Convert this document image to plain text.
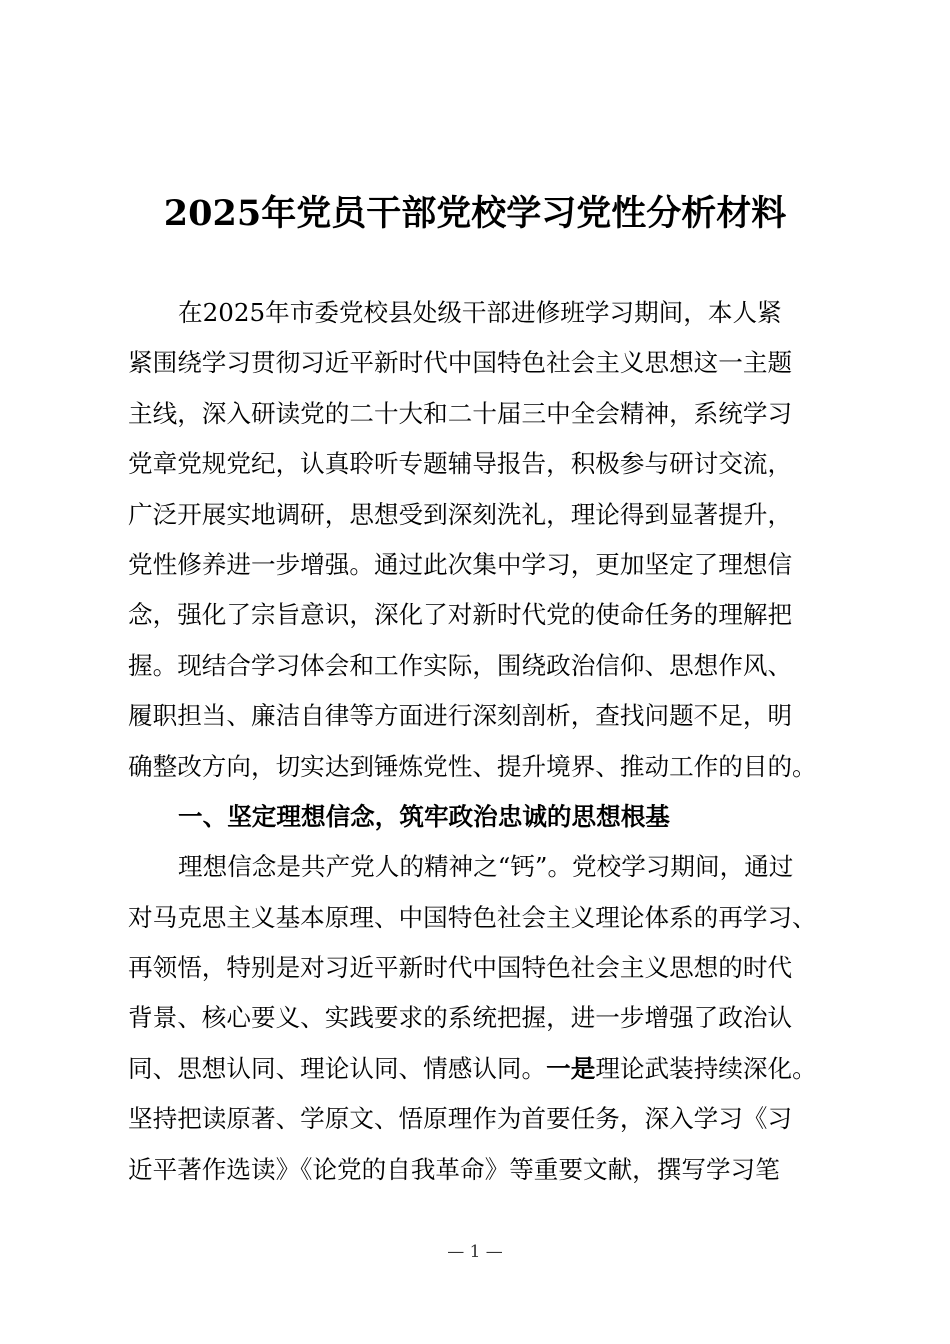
2025年党员干部党校学习党性分析材料
在2025年市委党校县处级干部进修班学习期间，本人紧
紧围绕学习贯彻习近平新时代中国特色社会主义思想这一主题
主线，深入研读党的二十大和二十届三中全会精神，系统学习
党章党规党纪，认真聆听专题辅导报告，积极参与研讨交流，
广泛开展实地调研，思想受到深刻洗礼，理论得到显著提升，
党性修养进一步增强。通过此次集中学习，更加坚定了理想信
念，强化了宗旨意识，深化了对新时代党的使命任务的理解把
握。现结合学习体会和工作实际，围绕政治信仰、思想作风、
履职担当、廉洁自律等方面进行深刻剖析，查找问题不足，明
确整改方向，切实达到锤炼党性、提升境界、推动工作的目的。
一、坚定理想信念，筑牢政治忠诚的思想根基
理想信念是共产党人的精神之“钙”。党校学习期间，通过
对马克思主义基本原理、中国特色社会主义理论体系的再学习、
再领悟，特别是对习近平新时代中国特色社会主义思想的时代
背景、核心要义、实践要求的系统把握，进一步增强了政治认
同、思想认同、理论认同、情感认同。一是理论武装持续深化。
坚持把读原著、学原文、悟原理作为首要任务，深入学习《习
近平著作选读》《论党的自我革命》等重要文献，撰写学习笔
— 1 —
